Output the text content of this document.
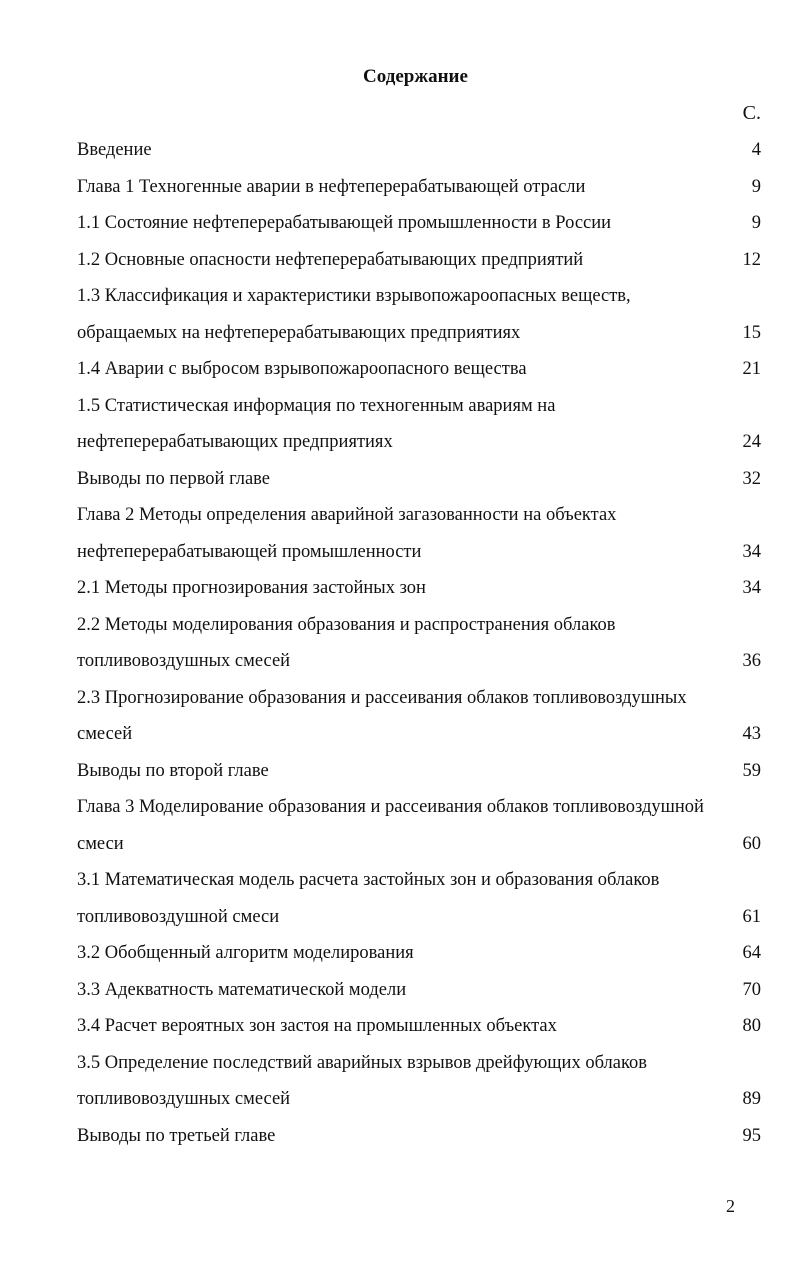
Содержание
С.
Введение	4
Глава 1 Техногенные аварии в нефтеперерабатывающей отрасли	9
1.1 Состояние нефтеперерабатывающей промышленности в России	9
1.2 Основные опасности нефтеперерабатывающих предприятий	12
1.3 Классификация и характеристики взрывопожароопасных веществ, обращаемых на нефтеперерабатывающих предприятиях	15
1.4 Аварии с выбросом взрывопожароопасного вещества	21
1.5 Статистическая информация по техногенным авариям на нефтеперерабатывающих предприятиях	24
Выводы по первой главе	32
Глава 2 Методы определения аварийной загазованности на объектах нефтеперерабатывающей промышленности	34
2.1 Методы прогнозирования застойных зон	34
2.2 Методы моделирования образования и распространения облаков топливовоздушных смесей	36
2.3 Прогнозирование образования и рассеивания облаков топливовоздушных смесей	43
Выводы по второй главе	59
Глава 3 Моделирование образования и рассеивания облаков топливовоздушной смеси	60
3.1 Математическая модель расчета застойных зон и образования облаков топливовоздушной смеси	61
3.2 Обобщенный алгоритм моделирования	64
3.3 Адекватность математической модели	70
3.4 Расчет вероятных зон застоя на промышленных объектах	80
3.5 Определение последствий аварийных взрывов дрейфующих облаков топливовоздушных смесей	89
Выводы по третьей главе	95
2
